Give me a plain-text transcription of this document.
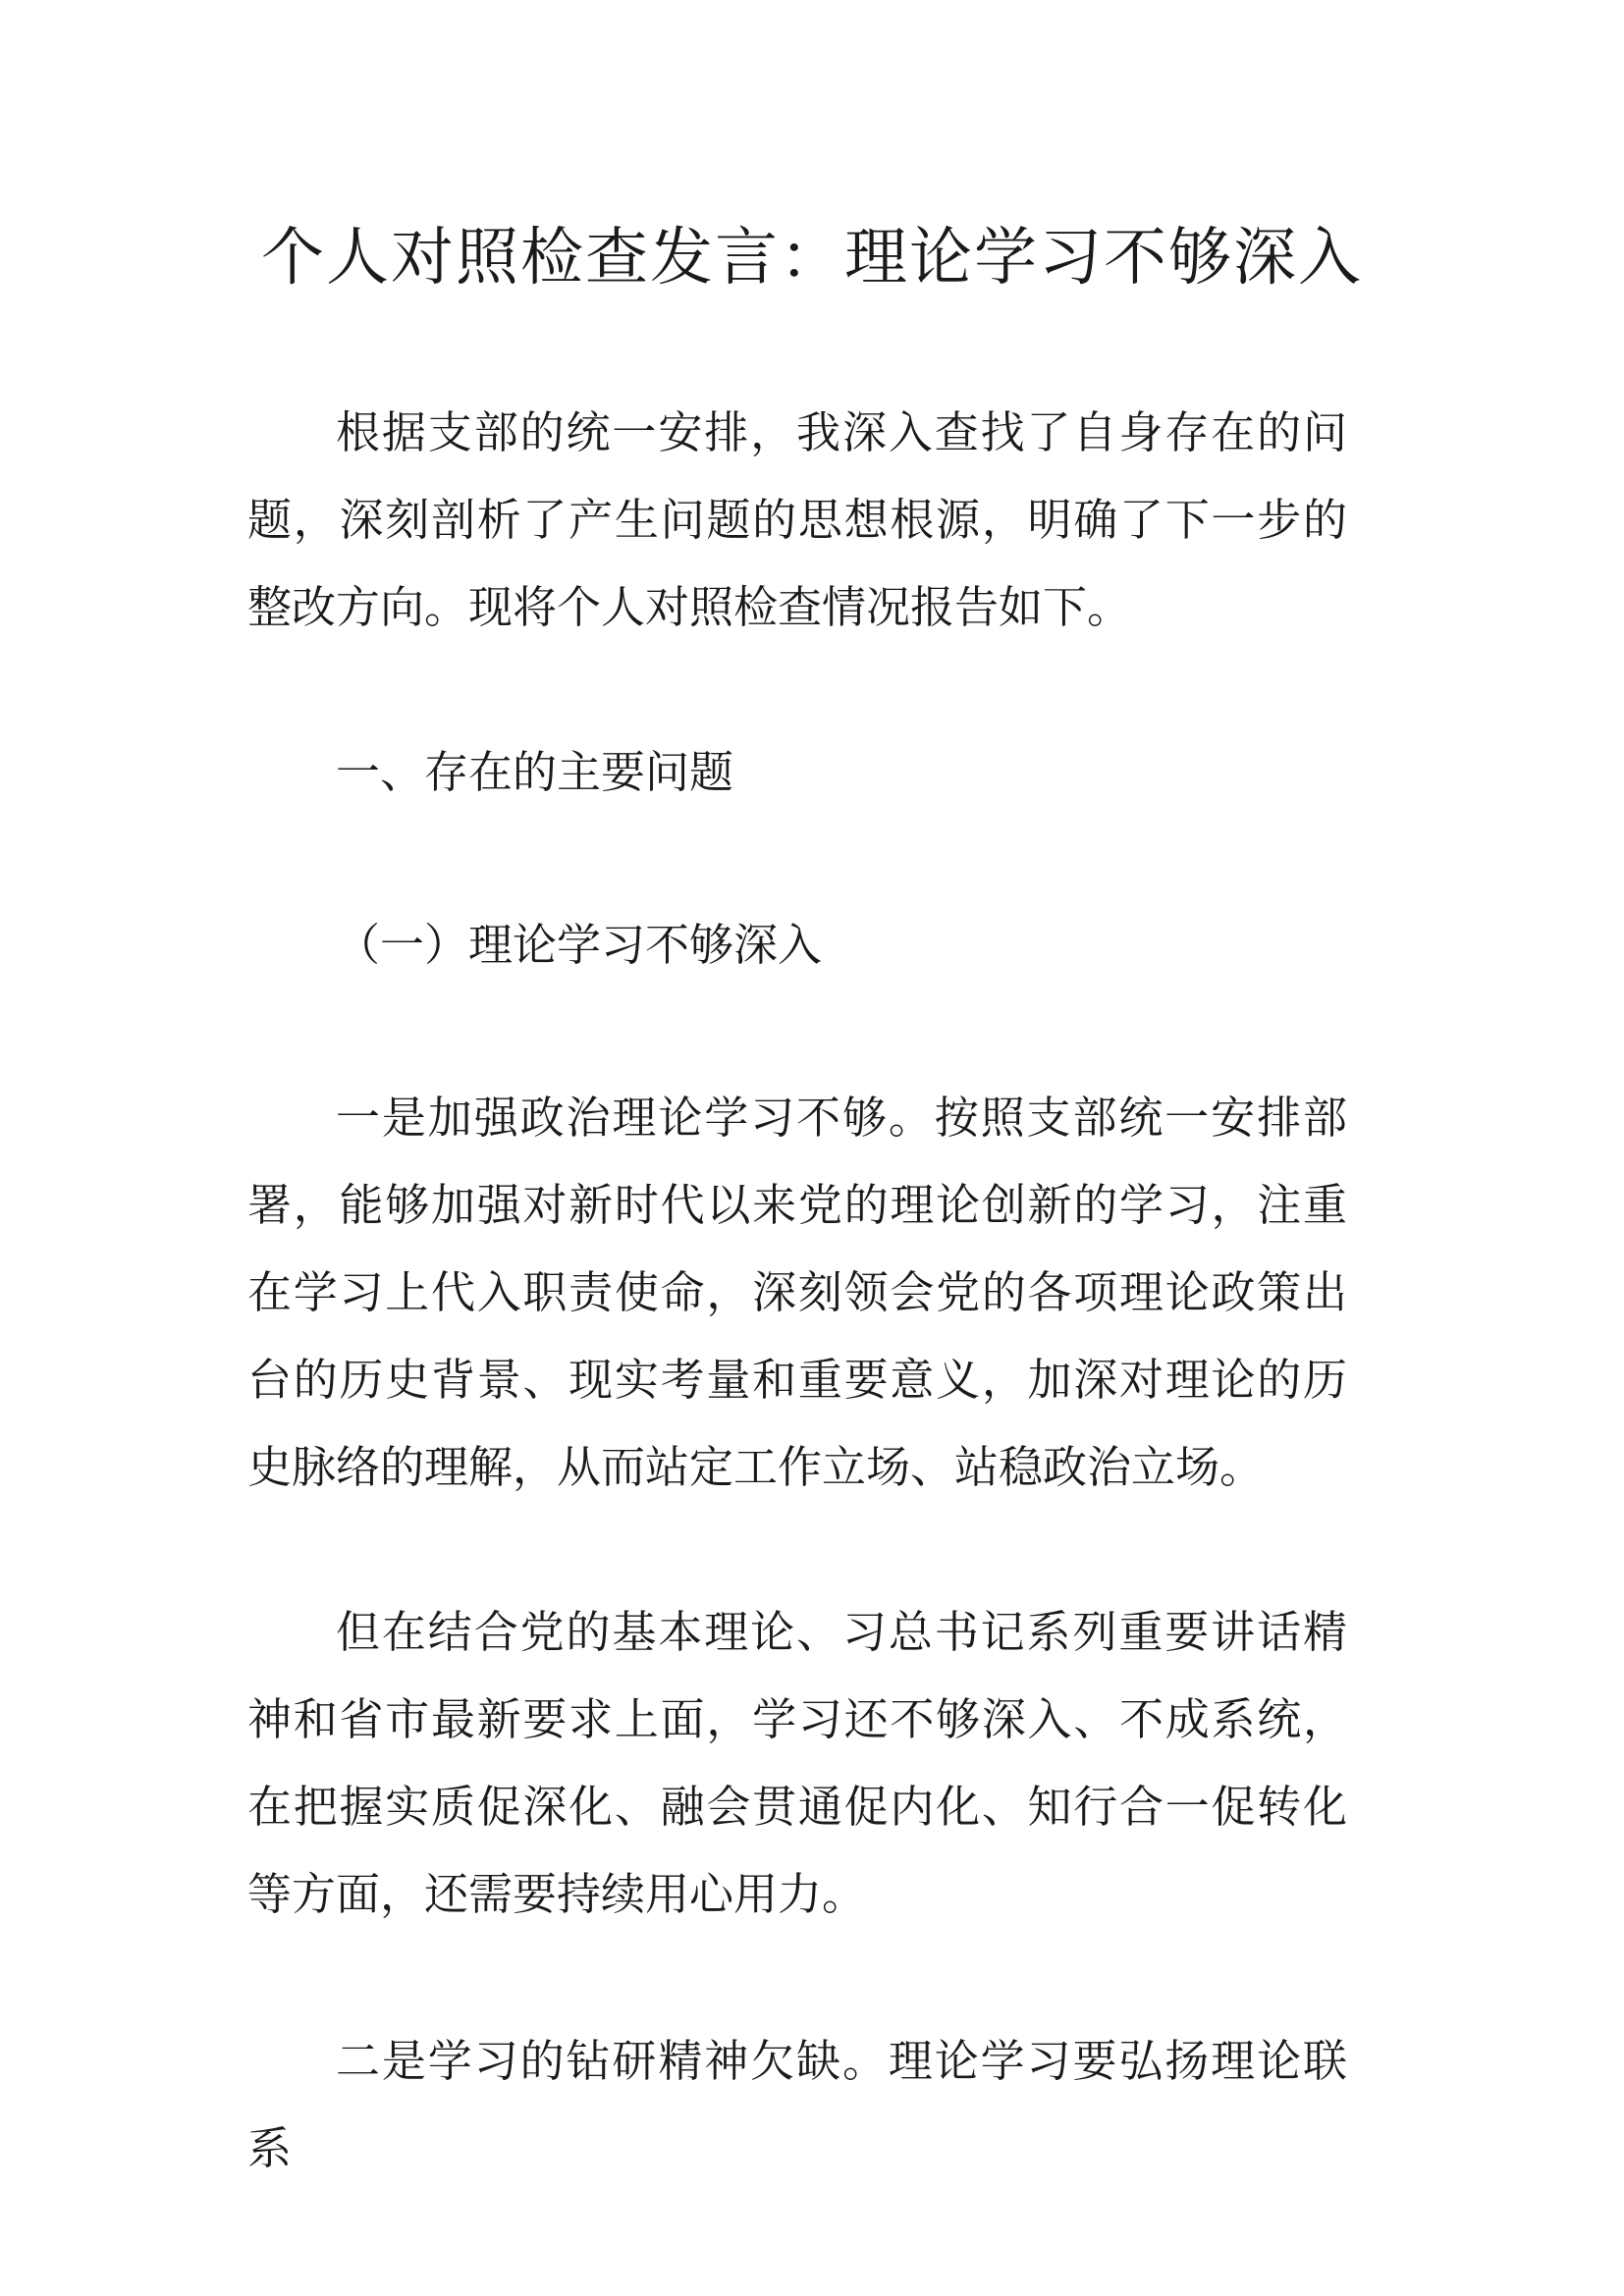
个人对照检查发言：理论学习不够深入

根据支部的统一安排，我深入查找了自身存在的问题，深刻剖析了产生问题的思想根源，明确了下一步的整改方向。现将个人对照检查情况报告如下。

一、存在的主要问题

（一）理论学习不够深入

一是加强政治理论学习不够。按照支部统一安排部署，能够加强对新时代以来党的理论创新的学习，注重在学习上代入职责使命，深刻领会党的各项理论政策出台的历史背景、现实考量和重要意义，加深对理论的历史脉络的理解，从而站定工作立场、站稳政治立场。

但在结合党的基本理论、习总书记系列重要讲话精神和省市最新要求上面，学习还不够深入、不成系统，在把握实质促深化、融会贯通促内化、知行合一促转化等方面，还需要持续用心用力。

二是学习的钻研精神欠缺。理论学习要弘扬理论联系
